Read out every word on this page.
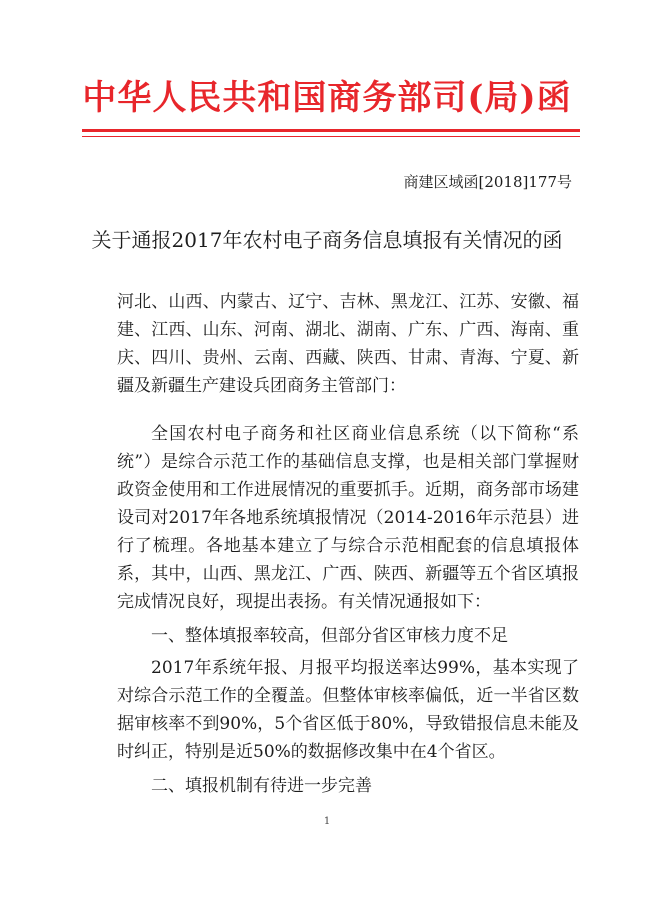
中华人民共和国商务部司(局)函
商建区域函[2018]177号
关于通报2017年农村电子商务信息填报有关情况的函
河北、山西、内蒙古、辽宁、吉林、黑龙江、江苏、安徽、福建、江西、山东、河南、湖北、湖南、广东、广西、海南、重庆、四川、贵州、云南、西藏、陕西、甘肃、青海、宁夏、新疆及新疆生产建设兵团商务主管部门：
全国农村电子商务和社区商业信息系统（以下简称“系统”）是综合示范工作的基础信息支撑，也是相关部门掌握财政资金使用和工作进展情况的重要抓手。近期，商务部市场建设司对2017年各地系统填报情况（2014-2016年示范县）进行了梳理。各地基本建立了与综合示范相配套的信息填报体系，其中，山西、黑龙江、广西、陕西、新疆等五个省区填报完成情况良好，现提出表扬。有关情况通报如下：
一、整体填报率较高，但部分省区审核力度不足
2017年系统年报、月报平均报送率达99%，基本实现了对综合示范工作的全覆盖。但整体审核率偏低，近一半省区数据审核率不到90%，5个省区低于80%，导致错报信息未能及时纠正，特别是近50%的数据修改集中在4个省区。
二、填报机制有待进一步完善
1
